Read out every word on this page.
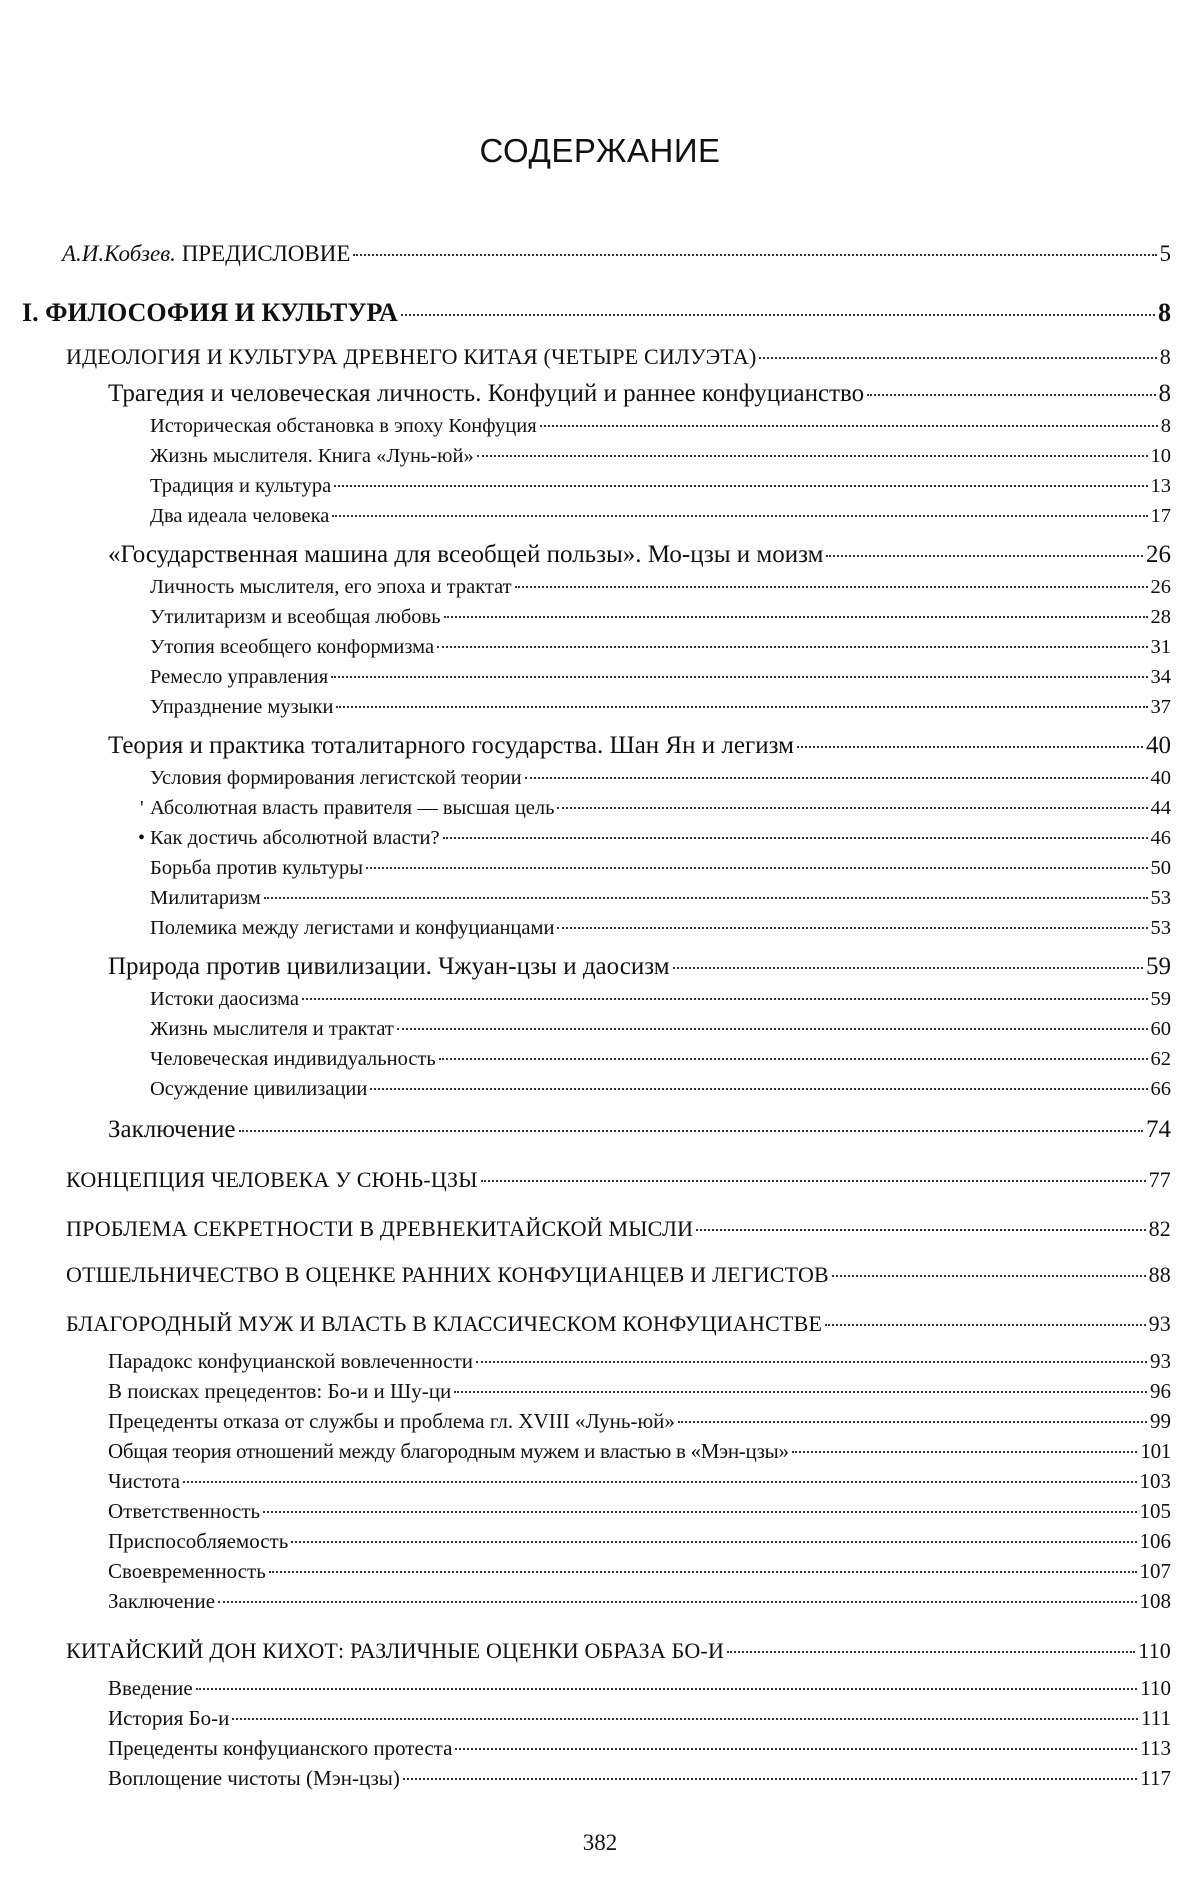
СОДЕРЖАНИЕ
А.И.Кобзев. ПРЕДИСЛОВИЕ	5
I. ФИЛОСОФИЯ И КУЛЬТУРА	8
ИДЕОЛОГИЯ И КУЛЬТУРА ДРЕВНЕГО КИТАЯ (ЧЕТЫРЕ СИЛУЭТА)	8
Трагедия и человеческая личность. Конфуций и раннее конфуцианство	8
Историческая обстановка в эпоху Конфуция	8
Жизнь мыслителя. Книга «Лунь-юй»	10
Традиция и культура	13
Два идеала человека	17
«Государственная машина для всеобщей пользы». Мо-цзы и моизм	26
Личность мыслителя, его эпоха и трактат	26
Утилитаризм и всеобщая любовь	28
Утопия всеобщего конформизма	31
Ремесло управления	34
Упразднение музыки	37
Теория и практика тоталитарного государства. Шан Ян и легизм	40
Условия формирования легистской теории	40
' Абсолютная власть правителя — высшая цель	44
• Как достичь абсолютной власти?	46
Борьба против культуры	50
Милитаризм	53
Полемика между легистами и конфуцианцами	53
Природа против цивилизации. Чжуан-цзы и даосизм	59
Истоки даосизма	59
Жизнь мыслителя и трактат	60
Человеческая индивидуальность	62
Осуждение цивилизации	66
Заключение	74
КОНЦЕПЦИЯ ЧЕЛОВЕКА У СЮНЬ-ЦЗЫ	77
ПРОБЛЕМА СЕКРЕТНОСТИ В ДРЕВНЕКИТАЙСКОЙ МЫСЛИ	82
ОТШЕЛЬНИЧЕСТВО В ОЦЕНКЕ РАННИХ КОНФУЦИАНЦЕВ И ЛЕГИСТОВ	88
БЛАГОРОДНЫЙ МУЖ И ВЛАСТЬ В КЛАССИЧЕСКОМ КОНФУЦИАНСТВЕ	93
Парадокс конфуцианской вовлеченности	93
В поисках прецедентов: Бо-и и Шу-ци	96
Прецеденты отказа от службы и проблема гл. XVIII «Лунь-юй»	99
Общая теория отношений между благородным мужем и властью в «Мэн-цзы»	101
Чистота	103
Ответственность	105
Приспособляемость	106
Своевременность	107
Заключение	108
КИТАЙСКИЙ ДОН КИХОТ: РАЗЛИЧНЫЕ ОЦЕНКИ ОБРАЗА БО-И	110
Введение	110
История Бо-и	111
Прецеденты конфуцианского протеста	113
Воплощение чистоты (Мэн-цзы)	117
382
